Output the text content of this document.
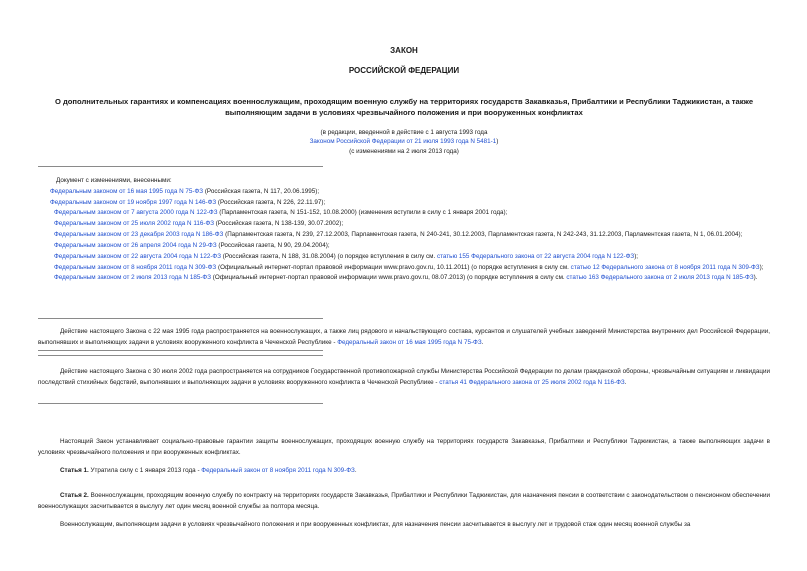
ЗАКОН
РОССИЙСКОЙ ФЕДЕРАЦИИ
О дополнительных гарантиях и компенсациях военнослужащим, проходящим военную службу на территориях государств Закавказья, Прибалтики и Республики Таджикистан, а также выполняющим задачи в условиях чрезвычайного положения и при вооруженных конфликтах
(в редакции, введенной в действие с 1 августа 1993 года
Законом Российской Федерации от 21 июля 1993 года N 5481-1)
(с изменениями на 2 июля 2013 года)
Документ с изменениями, внесенными:
Федеральным законом от 16 мая 1995 года N 75-ФЗ (Российская газета, N 117, 20.06.1995);
Федеральным законом от 19 ноября 1997 года N 146-ФЗ (Российская газета, N 226, 22.11.97);
Федеральным законом от 7 августа 2000 года N 122-ФЗ (Парламентская газета, N 151-152, 10.08.2000) (изменения вступили в силу с 1 января 2001 года);
Федеральным законом от 25 июля 2002 года N 116-ФЗ (Российская газета, N 138-139, 30.07.2002);
Федеральным законом от 23 декабря 2003 года N 186-ФЗ (Парламентская газета, N 239, 27.12.2003, Парламентская газета, N 240-241, 30.12.2003, Парламентская газета, N 242-243, 31.12.2003, Парламентская газета, N 1, 06.01.2004);
Федеральным законом от 26 апреля 2004 года N 29-ФЗ (Российская газета, N 90, 29.04.2004);
Федеральным законом от 22 августа 2004 года N 122-ФЗ (Российская газета, N 188, 31.08.2004) (о порядке вступления в силу см. статью 155 Федерального закона от 22 августа 2004 года N 122-ФЗ);
Федеральным законом от 8 ноября 2011 года N 309-ФЗ (Официальный интернет-портал правовой информации www.pravo.gov.ru, 10.11.2011) (о порядке вступления в силу см. статью 12 Федерального закона от 8 ноября 2011 года N 309-ФЗ);
Федеральным законом от 2 июля 2013 года N 185-ФЗ (Официальный интернет-портал правовой информации www.pravo.gov.ru, 08.07.2013) (о порядке вступления в силу см. статью 163 Федерального закона от 2 июля 2013 года N 185-ФЗ).
Действие настоящего Закона с 22 мая 1995 года распространяется на военнослужащих, а также лиц рядового и начальствующего состава, курсантов и слушателей учебных заведений Министерства внутренних дел Российской Федерации, выполнявших и выполняющих задачи в условиях вооруженного конфликта в Чеченской Республике - Федеральный закон от 16 мая 1995 года N 75-ФЗ.
Действие настоящего Закона с 30 июля 2002 года распространяется на сотрудников Государственной противопожарной службы Министерства Российской Федерации по делам гражданской обороны, чрезвычайным ситуациям и ликвидации последствий стихийных бедствий, выполнявших и выполняющих задачи в условиях вооруженного конфликта в Чеченской Республике - статья 41 Федерального закона от 25 июля 2002 года N 116-ФЗ.
Настоящий Закон устанавливает социально-правовые гарантии защиты военнослужащих, проходящих военную службу на территориях государств Закавказья, Прибалтики и Республики Таджикистан, а также выполняющих задачи в условиях чрезвычайного положения и при вооруженных конфликтах.
Статья 1. Утратила силу с 1 января 2013 года - Федеральный закон от 8 ноября 2011 года N 309-ФЗ.
Статья 2. Военнослужащим, проходящим военную службу по контракту на территориях государств Закавказья, Прибалтики и Республики Таджикистан, для назначения пенсии в соответствии с законодательством о пенсионном обеспечении военнослужащих засчитывается в выслугу лет один месяц военной службы за полтора месяца.
Военнослужащим, выполняющим задачи в условиях чрезвычайного положения и при вооруженных конфликтах, для назначения пенсии засчитывается в выслугу лет и трудовой стаж один месяц военной службы за
